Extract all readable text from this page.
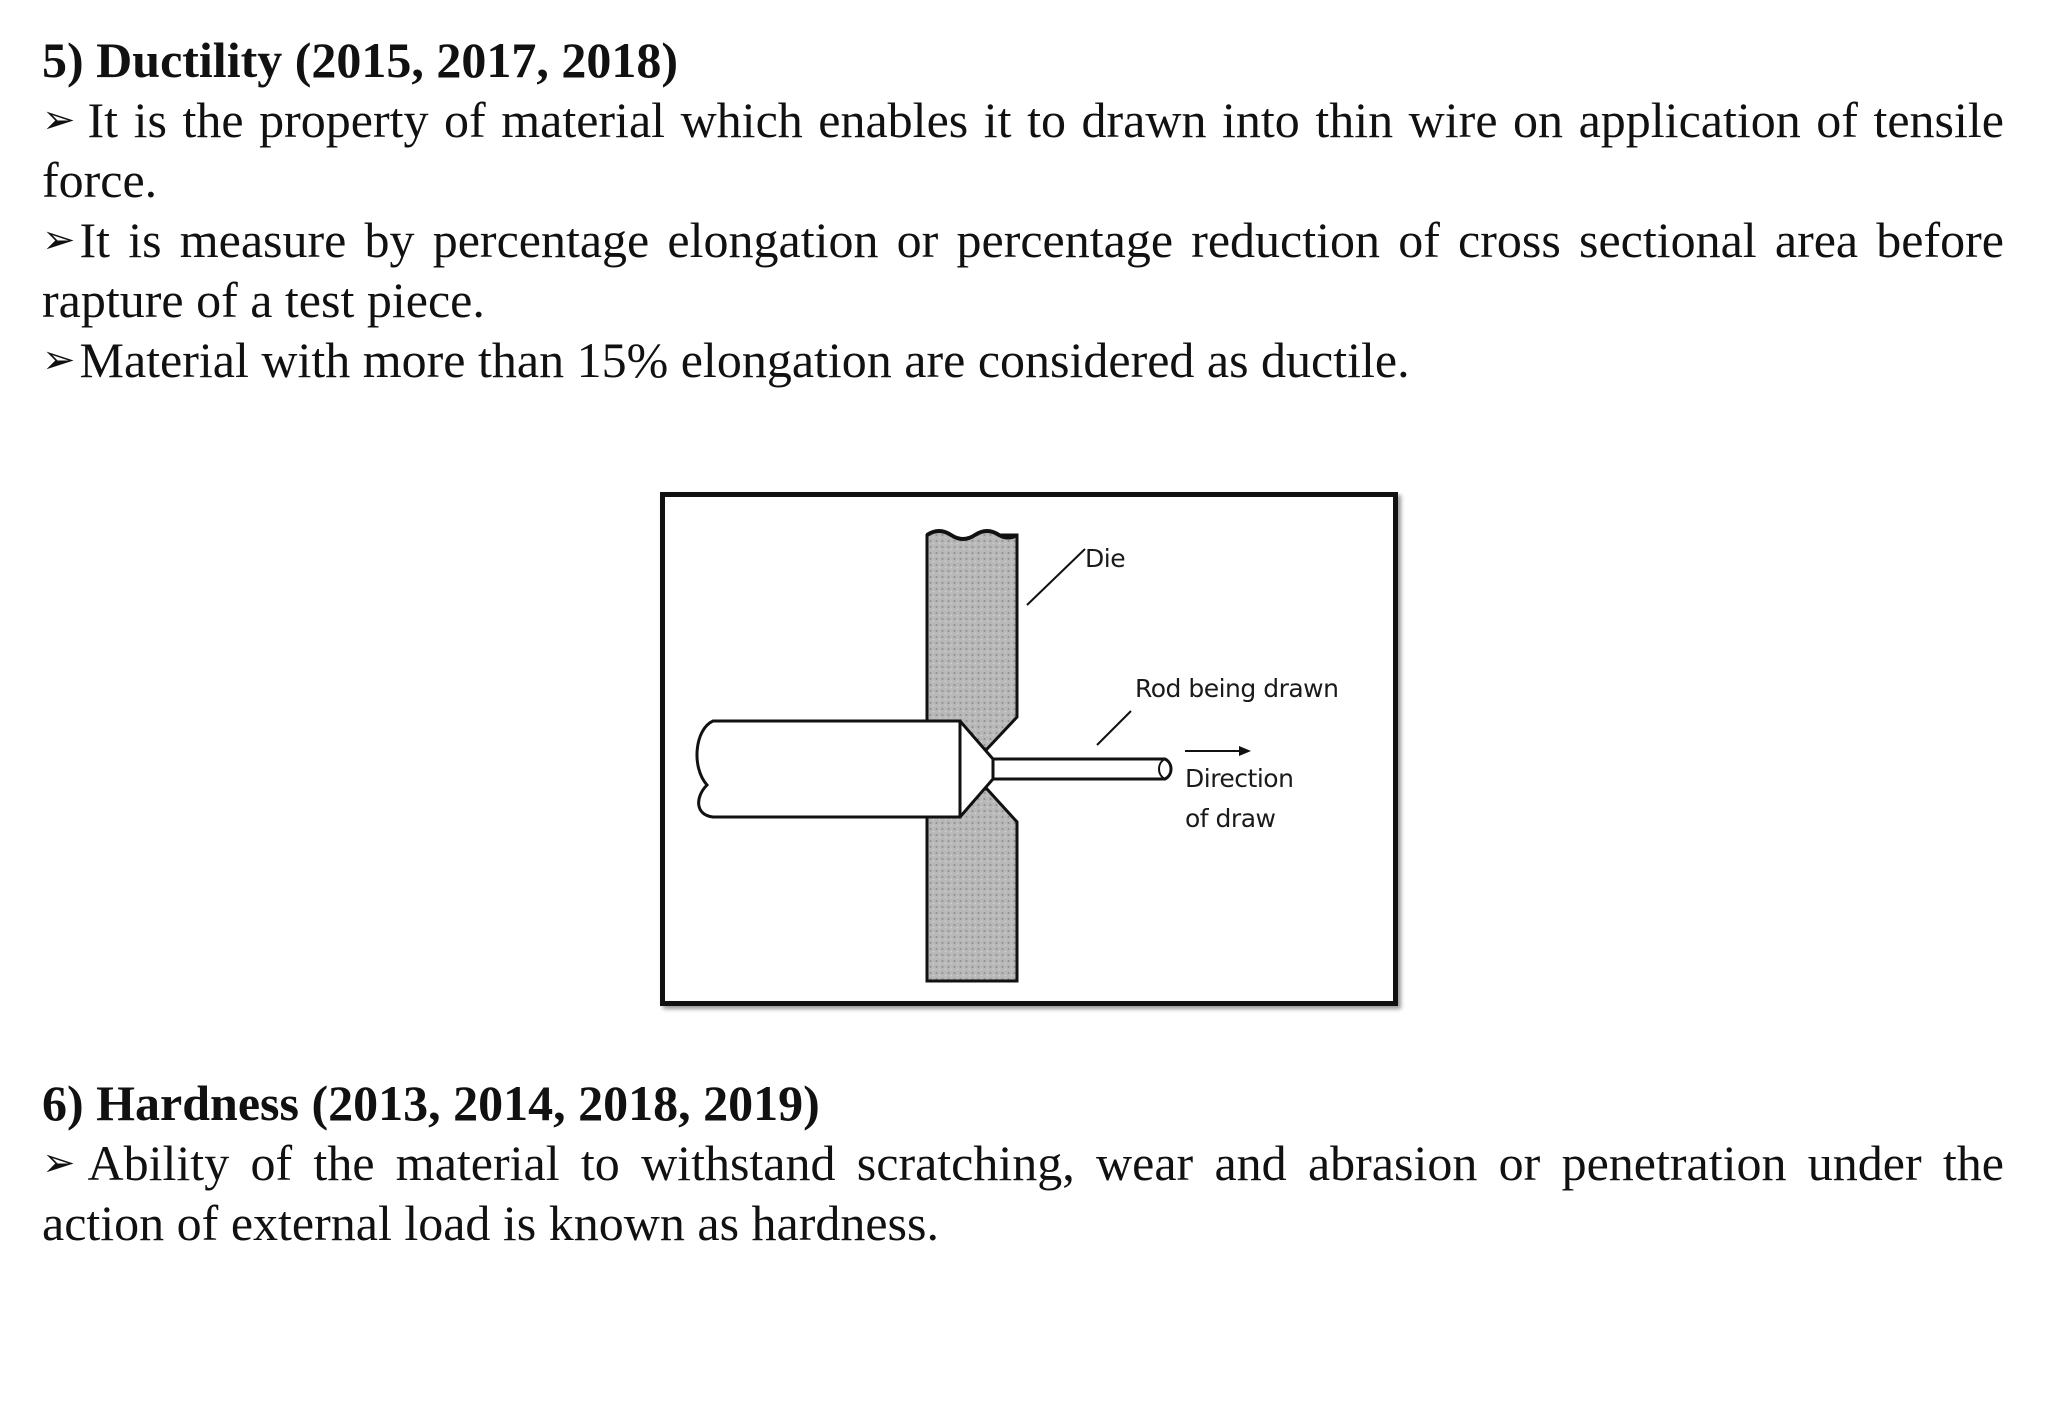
5) Ductility (2015, 2017, 2018)

➢ It is the property of material which enables it to drawn into thin wire on application of tensile force.

➢It is measure by percentage elongation or percentage reduction of cross sectional area before rapture of a test piece.

➢Material with more than 15% elongation are considered as ductile.

Die
Rod being drawn
Direction
of draw

6) Hardness (2013, 2014, 2018, 2019)

➢ Ability of the material to withstand scratching, wear and abrasion or penetration under the action of external load is known as hardness.
